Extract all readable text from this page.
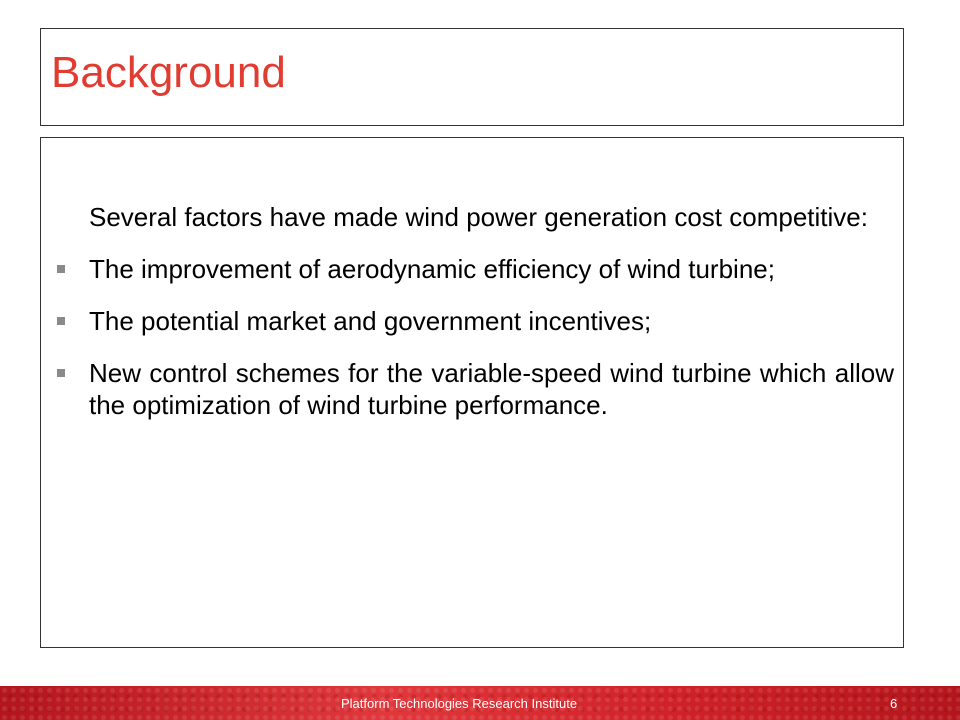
Background
Several factors have made wind power generation cost competitive:
The improvement of aerodynamic efficiency of wind turbine;
The potential market and government incentives;
New control schemes for the variable-speed wind turbine which allow the optimization of wind turbine performance.
Platform Technologies Research Institute	6
